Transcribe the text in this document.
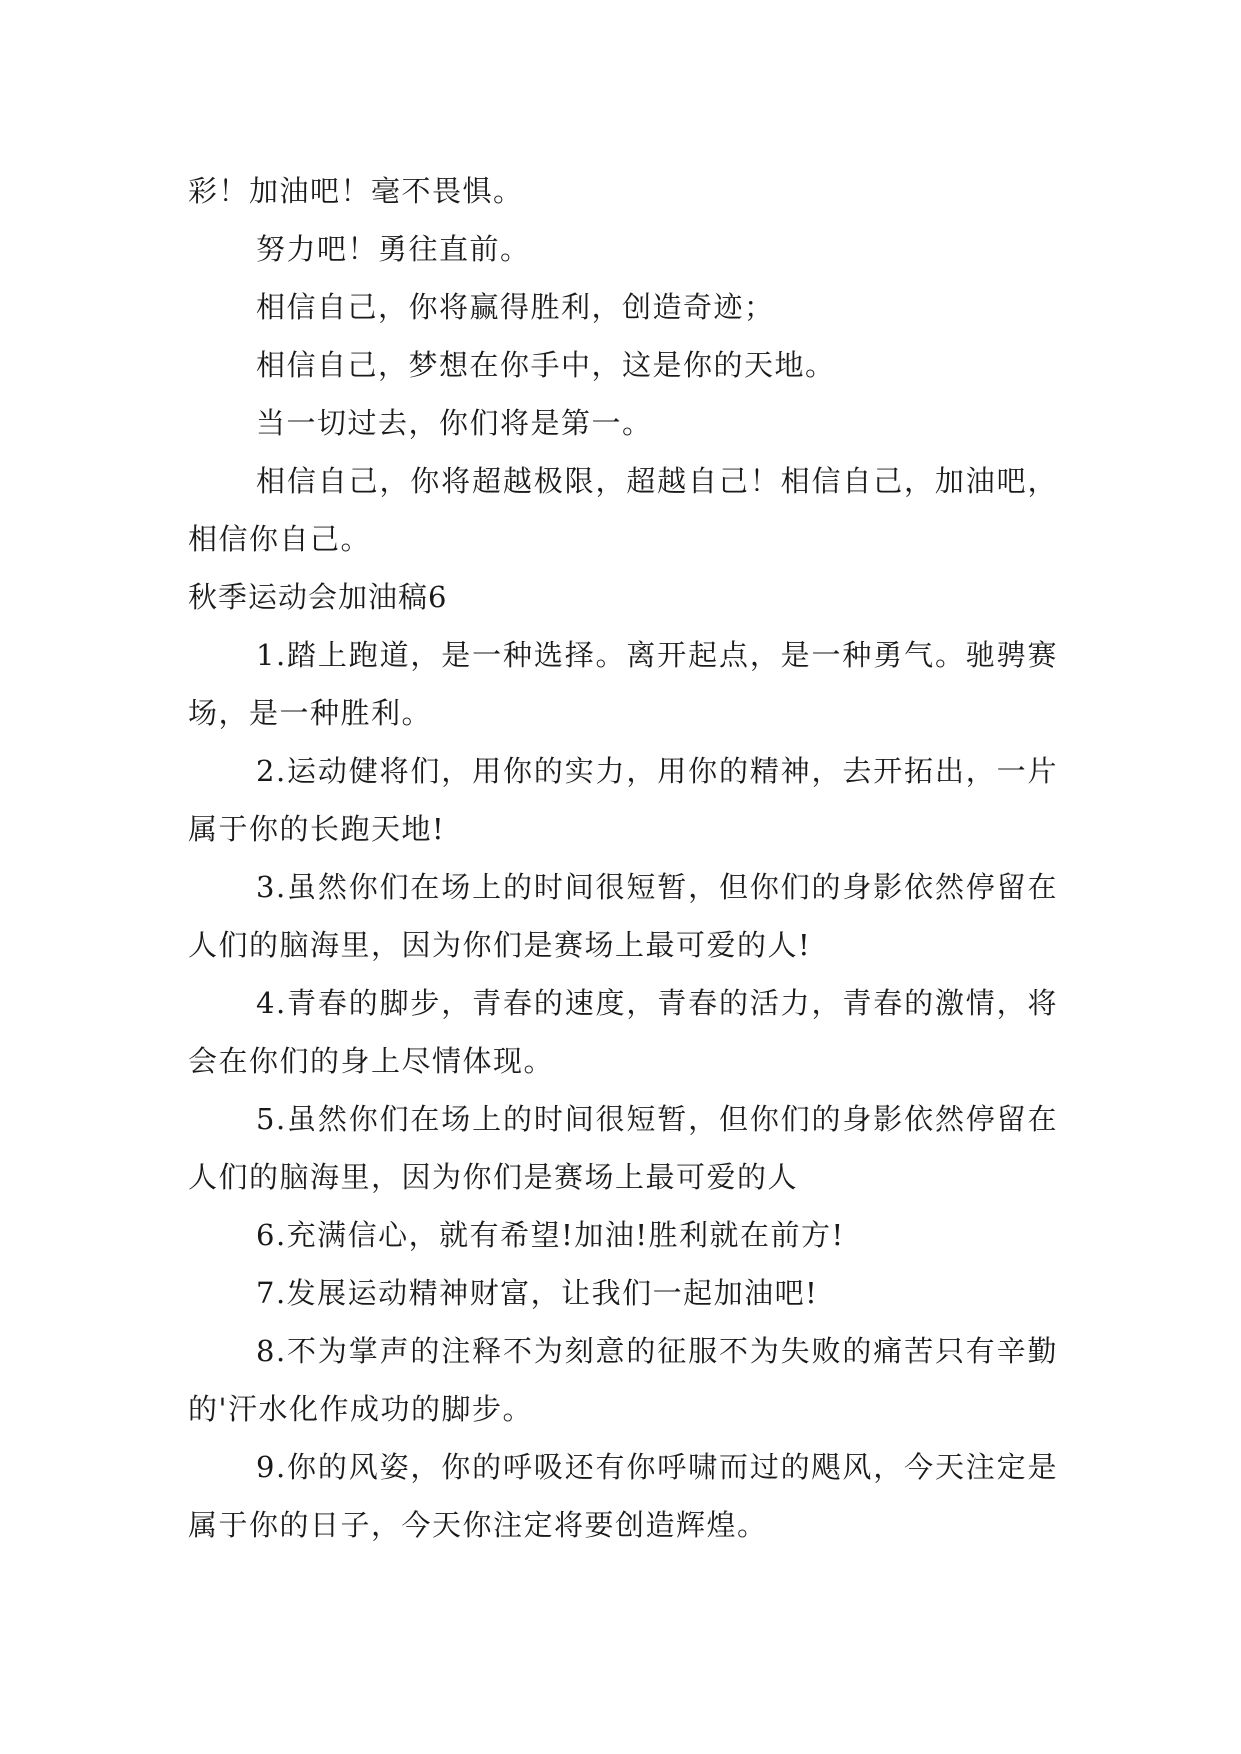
彩！加油吧！毫不畏惧。

努力吧！勇往直前。

相信自己，你将赢得胜利，创造奇迹；

相信自己，梦想在你手中，这是你的天地。

当一切过去，你们将是第一。

相信自己，你将超越极限，超越自己！相信自己，加油吧，相信你自己。

秋季运动会加油稿6

1.踏上跑道，是一种选择。离开起点，是一种勇气。驰骋赛场，是一种胜利。

2.运动健将们，用你的实力，用你的精神，去开拓出，一片属于你的长跑天地!

3.虽然你们在场上的时间很短暂，但你们的身影依然停留在人们的脑海里，因为你们是赛场上最可爱的人!

4.青春的脚步，青春的速度，青春的活力，青春的激情，将会在你们的身上尽情体现。

5.虽然你们在场上的时间很短暂，但你们的身影依然停留在人们的脑海里，因为你们是赛场上最可爱的人

6.充满信心，就有希望!加油!胜利就在前方!

7.发展运动精神财富，让我们一起加油吧!

8.不为掌声的注释不为刻意的征服不为失败的痛苦只有辛勤的'汗水化作成功的脚步。

9.你的风姿，你的呼吸还有你呼啸而过的飓风，今天注定是属于你的日子，今天你注定将要创造辉煌。
